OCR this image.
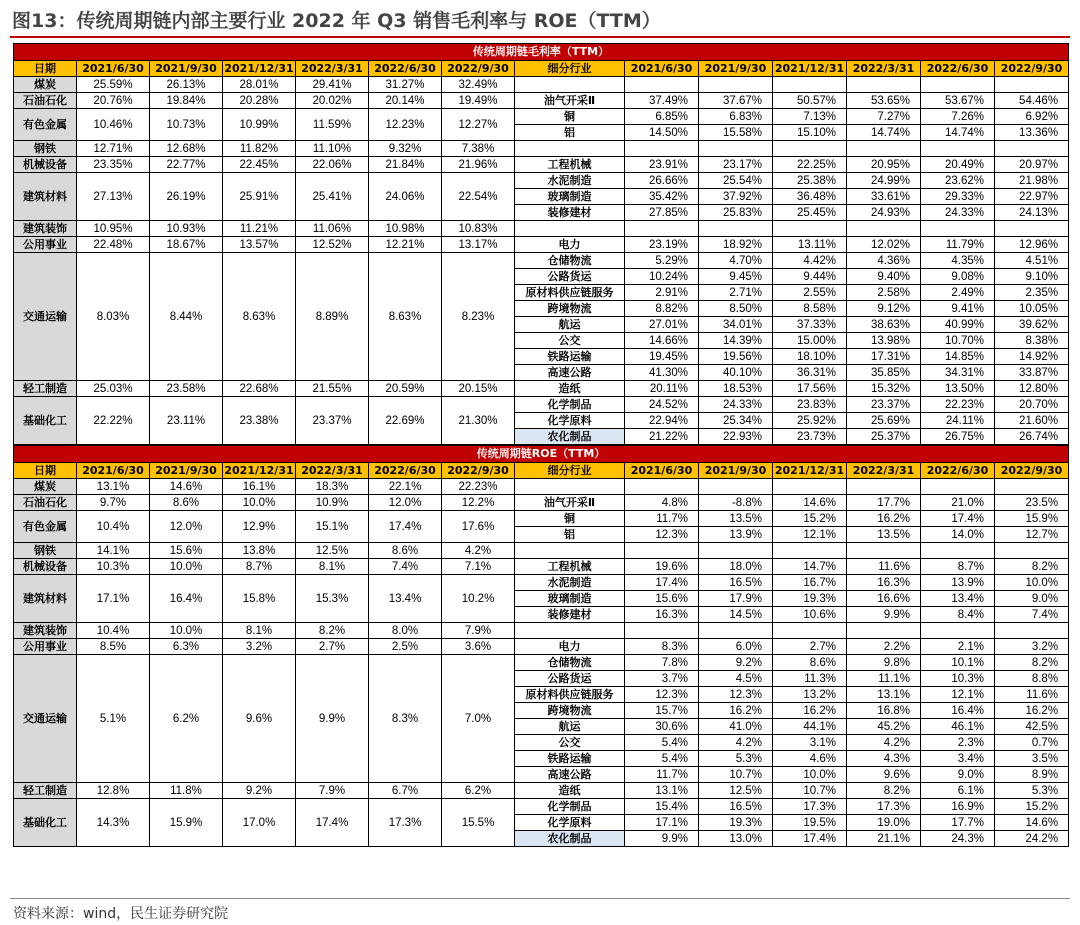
图13：传统周期链内部主要行业 2022 年 Q3 销售毛利率与 ROE（TTM）
传统周期链毛利率（TTM）													
日期	2021/6/30	2021/9/30	2021/12/31	2022/3/31	2022/6/30	2022/9/30	细分行业	2021/6/30	2021/9/30	2021/12/31	2022/3/31	2022/6/30	2022/9/30
煤炭	25.59%	26.13%	28.01%	29.41%	31.27%	32.49%							
石油石化	20.76%	19.84%	20.28%	20.02%	20.14%	19.49%	油气开采Ⅱ	37.49%	37.67%	50.57%	53.65%	53.67%	54.46%
有色金属	10.46%	10.73%	10.99%	11.59%	12.23%	12.27%	铜	6.85%	6.83%	7.13%	7.27%	7.26%	6.92%
							铝	14.50%	15.58%	15.10%	14.74%	14.74%	13.36%
钢铁	12.71%	12.68%	11.82%	11.10%	9.32%	7.38%							
机械设备	23.35%	22.77%	22.45%	22.06%	21.84%	21.96%	工程机械	23.91%	23.17%	22.25%	20.95%	20.49%	20.97%
建筑材料	27.13%	26.19%	25.91%	25.41%	24.06%	22.54%	水泥制造	26.66%	25.54%	25.38%	24.99%	23.62%	21.98%
							玻璃制造	35.42%	37.92%	36.48%	33.61%	29.33%	22.97%
							装修建材	27.85%	25.83%	25.45%	24.93%	24.33%	24.13%
建筑装饰	10.95%	10.93%	11.21%	11.06%	10.98%	10.83%							
公用事业	22.48%	18.67%	13.57%	12.52%	12.21%	13.17%	电力	23.19%	18.92%	13.11%	12.02%	11.79%	12.96%
交通运输	8.03%	8.44%	8.63%	8.89%	8.63%	8.23%	仓储物流	5.29%	4.70%	4.42%	4.36%	4.35%	4.51%
							公路货运	10.24%	9.45%	9.44%	9.40%	9.08%	9.10%
							原材料供应链服务	2.91%	2.71%	2.55%	2.58%	2.49%	2.35%
							跨境物流	8.82%	8.50%	8.58%	9.12%	9.41%	10.05%
							航运	27.01%	34.01%	37.33%	38.63%	40.99%	39.62%
							公交	14.66%	14.39%	15.00%	13.98%	10.70%	8.38%
							铁路运输	19.45%	19.56%	18.10%	17.31%	14.85%	14.92%
							高速公路	41.30%	40.10%	36.31%	35.85%	34.31%	33.87%
轻工制造	25.03%	23.58%	22.68%	21.55%	20.59%	20.15%	造纸	20.11%	18.53%	17.56%	15.32%	13.50%	12.80%
基础化工	22.22%	23.11%	23.38%	23.37%	22.69%	21.30%	化学制品	24.52%	24.33%	23.83%	23.37%	22.23%	20.70%
							化学原料	22.94%	25.34%	25.92%	25.69%	24.11%	21.60%
							农化制品	21.22%	22.93%	23.73%	25.37%	26.75%	26.74%
传统周期链ROE（TTM）													
日期	2021/6/30	2021/9/30	2021/12/31	2022/3/31	2022/6/30	2022/9/30	细分行业	2021/6/30	2021/9/30	2021/12/31	2022/3/31	2022/6/30	2022/9/30
煤炭	13.1%	14.6%	16.1%	18.3%	22.1%	22.23%							
石油石化	9.7%	8.6%	10.0%	10.9%	12.0%	12.2%	油气开采Ⅱ	4.8%	-8.8%	14.6%	17.7%	21.0%	23.5%
有色金属	10.4%	12.0%	12.9%	15.1%	17.4%	17.6%	铜	11.7%	13.5%	15.2%	16.2%	17.4%	15.9%
							铝	12.3%	13.9%	12.1%	13.5%	14.0%	12.7%
钢铁	14.1%	15.6%	13.8%	12.5%	8.6%	4.2%							
机械设备	10.3%	10.0%	8.7%	8.1%	7.4%	7.1%	工程机械	19.6%	18.0%	14.7%	11.6%	8.7%	8.2%
建筑材料	17.1%	16.4%	15.8%	15.3%	13.4%	10.2%	水泥制造	17.4%	16.5%	16.7%	16.3%	13.9%	10.0%
							玻璃制造	15.6%	17.9%	19.3%	16.6%	13.4%	9.0%
							装修建材	16.3%	14.5%	10.6%	9.9%	8.4%	7.4%
建筑装饰	10.4%	10.0%	8.1%	8.2%	8.0%	7.9%							
公用事业	8.5%	6.3%	3.2%	2.7%	2.5%	3.6%	电力	8.3%	6.0%	2.7%	2.2%	2.1%	3.2%
交通运输	5.1%	6.2%	9.6%	9.9%	8.3%	7.0%	仓储物流	7.8%	9.2%	8.6%	9.8%	10.1%	8.2%
							公路货运	3.7%	4.5%	11.3%	11.1%	10.3%	8.8%
							原材料供应链服务	12.3%	12.3%	13.2%	13.1%	12.1%	11.6%
							跨境物流	15.7%	16.2%	16.2%	16.8%	16.4%	16.2%
							航运	30.6%	41.0%	44.1%	45.2%	46.1%	42.5%
							公交	5.4%	4.2%	3.1%	4.2%	2.3%	0.7%
							铁路运输	5.4%	5.3%	4.6%	4.3%	3.4%	3.5%
							高速公路	11.7%	10.7%	10.0%	9.6%	9.0%	8.9%
轻工制造	12.8%	11.8%	9.2%	7.9%	6.7%	6.2%	造纸	13.1%	12.5%	10.7%	8.2%	6.1%	5.3%
基础化工	14.3%	15.9%	17.0%	17.4%	17.3%	15.5%	化学制品	15.4%	16.5%	17.3%	17.3%	16.9%	15.2%
							化学原料	17.1%	19.3%	19.5%	19.0%	17.7%	14.6%
							农化制品	9.9%	13.0%	17.4%	21.1%	24.3%	24.2%
资料来源：wind，民生证券研究院
